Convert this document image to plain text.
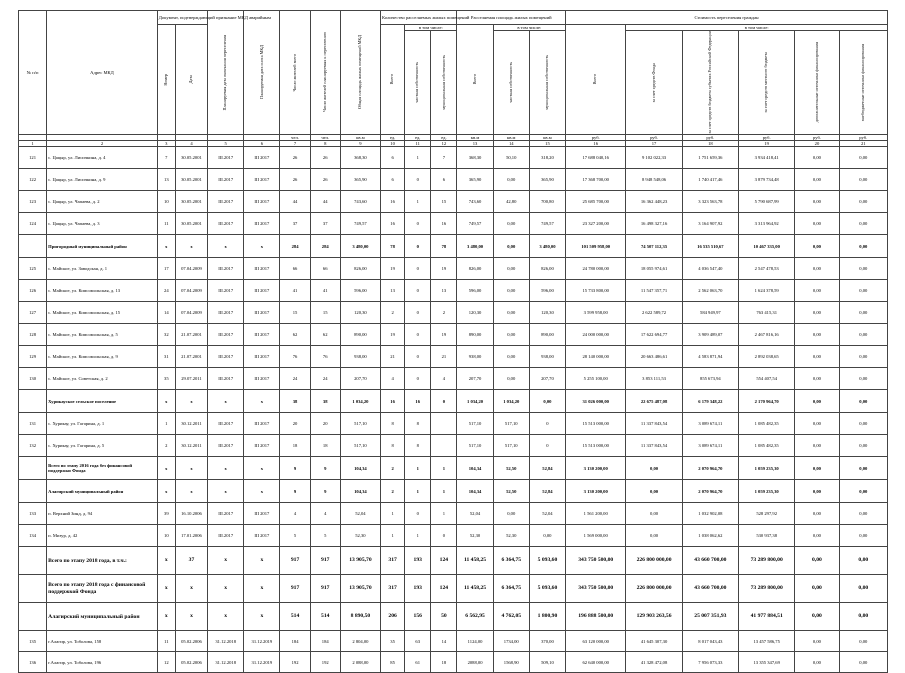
№ п/п	Адрес МКД	Документ, подтверждающий признание МКД аварийным		Планируемая дата окончания переселения	Планируемая дата сноса МКД	Число жителей всего	Число жителей планируемых к переселению	Общая площадь жилых помещений МКД	Количество расселяемых жилых помещений			Расселяемая площадь жилых помещений			Стоимость переселения граждан					

		Номер	Дата						Всего	в том числе:		Всего	в том числе:		Всего	в том числе:				

										частная собственность	муниципальная собственность		частная собственность	муниципальная собственность		за счет средств Фонда	за счет средств бюджета субъекта Российской Федерации	за счет средств местного бюджета	дополнительные источники финансирования	внебюджетные источники финансирования

						чел.	чел.	кв.м	ед.	ед.	ед.	кв.м	кв.м	кв.м	руб.	руб.	руб.	руб.	руб.	руб.
1	2	3	4	5	6	7	8	9	10	11	12	13	14	15	16	17	18	19	20	21
121	с. Цацыр, ул. Лисичкина, д. 4	7	30.05.2001	III.2017	III 2017	26	26	368,30	6	1	7	368,30	50,10	318,20	17 688 040,16	9 102 022,33	1 751 659,36	3 934 418,41	0,00	0,00
122	с. Цацыр, ул. Лисичкина, д. 9	13	30.05.2001	III.2017	III 2017	26	26	365,90	6	0	6	365,90	0,00	365,90	17 368 700,00	8 948 548,06	1 740 417,46	3 879 734,48	0,00	0,00
123	с. Цацыр, ул. Чапаева, д. 2	10	30.05.2001	III.2017	III 2017	44	44	743,60	16	1	15	743,60	42,80	700,80	25 685 700,00	16 362 448,23	3 323 563,78	5 790 687,99	0,00	0,00
124	с. Цацыр, ул. Чапаева, д. 3	11	30.05.2001	III.2017	III 2017	37	37	749,57	16	0	16	749,57	0,00	749,57	23 327 200,00	16 498 327,16	3 164 907,92	3 313 964,92	0,00	0,00
	Пригородный муниципальный район	x	x	x	x	284	284	3 480,00	78	0	78	3 480,00	0,00	3 480,00	101 509 958,00	74 507 112,35	16 535 510,67	10 467 335,00	0,00	0,00
125	с. Майское, ул. Заводская, д. 1	17	07.04.2009	III.2017	III 2017	66	66	826,00	19	0	19	826,00	0,00	826,00	24 780 000,00	18 055 974,61	4 036 547,40	2 547 478,53	0,00	0,00
126	с. Майское, ул. Комсомольская, д. 13	24	07.04.2009	III.2017	III 2017	41	41	596,00	13	0	13	596,00	0,00	596,00	15 733 800,00	11 547 357,71	2 562 063,70	1 624 378,59	0,00	0,00
127	с. Майское, ул. Комсомольская, д. 15	14	07.04.2009	III.2017	III 2017	15	15	120,30	2	0	2	120,30	0,00	120,30	3 599 958,00	2 622 589,72	584 949,97	763 415,31	0,00	0,00
128	с. Майское, ул. Комсомольская, д. 5	32	21.07.2001	III.2017	III 2017	62	62	890,00	19	0	19	890,00	0,00	890,00	24 000 000,00	17 622 694,77	3 909 489,07	2 467 816,16	0,00	0,00
129	с. Майское, ул. Комсомольская, д. 9	31	21.07.2001	III.2017	III 2017	76	76	938,00	21	0	21	938,00	0,00	938,00	28 140 000,00	20 663 486,61	4 583 871,94	2 892 038,65	0,00	0,00
130	с. Майское, ул. Советская, д. 2	35	29.07.2011	III.2017	III 2017	24	24	207,70	4	0	4	207,70	0,00	207,70	5 255 100,00	3 853 111,53	855 673,94	554 407,54	0,00	0,00
	Хурикауское сельское поселение	x	x	x	x	38	38	1 034,20	16	16	0	1 034,20	1 034,20	0,00	31 026 000,00	22 675 487,08	6 179 348,22	2 170 964,70	0,00	0,00
131	с. Хурикау, ул. Гагарина, д. 1	1	30.12.2011	III.2017	III 2017	20	20	517,10	8	8		517,10	517,10	0	15 513 000,00	11 337 843,54	3 089 674,11	1 085 482,35	0,00	0,00
132	с. Хурикау, ул. Гагарина, д. 5	2	30.12.2011	III.2017	III 2017	18	18	517,10	8	8		517,10	517,10	0	15 513 000,00	11 337 843,54	3 089 674,11	1 085 482,35	0,00	0,00
	Всего по этапу 2016 года без финансовой поддержки Фонда	x	x	x	x	9	9	104,34	2	1	1	104,34	52,50	52,84	3 130 200,00	0,00	2 070 964,70	1 059 235,30	0,00	0,00
	Алагирский муниципальный район	x	x	x	x	9	9	104,34	2	1	1	104,34	52,50	52,84	3 130 200,00	0,00	2 070 964,70	1 059 235,30	0,00	0,00
133	п. Верхний Зинд, д. 94	39	16.10.2006	III.2017	III 2017	4	4	52,04	1	0	1	52,04	0,00	52,04	1 561 200,00	0,00	1 032 902,08	528 297,92	0,00	0,00
134	п. Мизур, д. 42	10	17.01.2006	III.2017	III 2017	5	5	52,30	1	1	0	52,30	52,30	0,00	1 569 000,00	0,00	1 038 062,62	530 937,38	0,00	0,00
	Всего по этапу 2018 года, в т.ч.:	x	37	x	x	917	917	13 905,70	317	193	124	11 458,25	6 364,75	5 093,60	343 750 500,00	226 800 000,00	43 660 700,00	73 289 800,00	0,00	0,00
	Всего по этапу 2018 года с финансовой поддержкой Фонда	x	x	x	x	917	917	13 905,70	317	193	124	11 458,25	6 364,75	5 093,60	343 750 500,00	226 800 000,00	43 660 700,00	73 289 800,00	0,00	0,00
	Алагирский муниципальный район	x	x	x	x	514	514	8 890,50	206	156	50	6 562,95	4 762,05	1 800,90	196 888 500,00	129 903 263,56	25 007 351,93	41 977 884,51	0,00	0,00
135	г.Алагир, ул. Тоболова, 158	11	05.02.2006	31.12.2018	31.12.2019	184	184	2 804,00	35	63	14	1124,00	1734,00	370,00	63 120 000,00	41 645 307,30	8 017 043,43	13 457 586,75	0,00	0,00
136	г.Алагир, ул. Тоболова, 196	12	05.02.2006	31.12.2018	31.12.2019	192	192	2 088,00	85	61	18	2088,00	1568,90	509,10	62 640 000,00	41 328 472,08	7 956 073,33	13 355 347,69	0,00	0,00
